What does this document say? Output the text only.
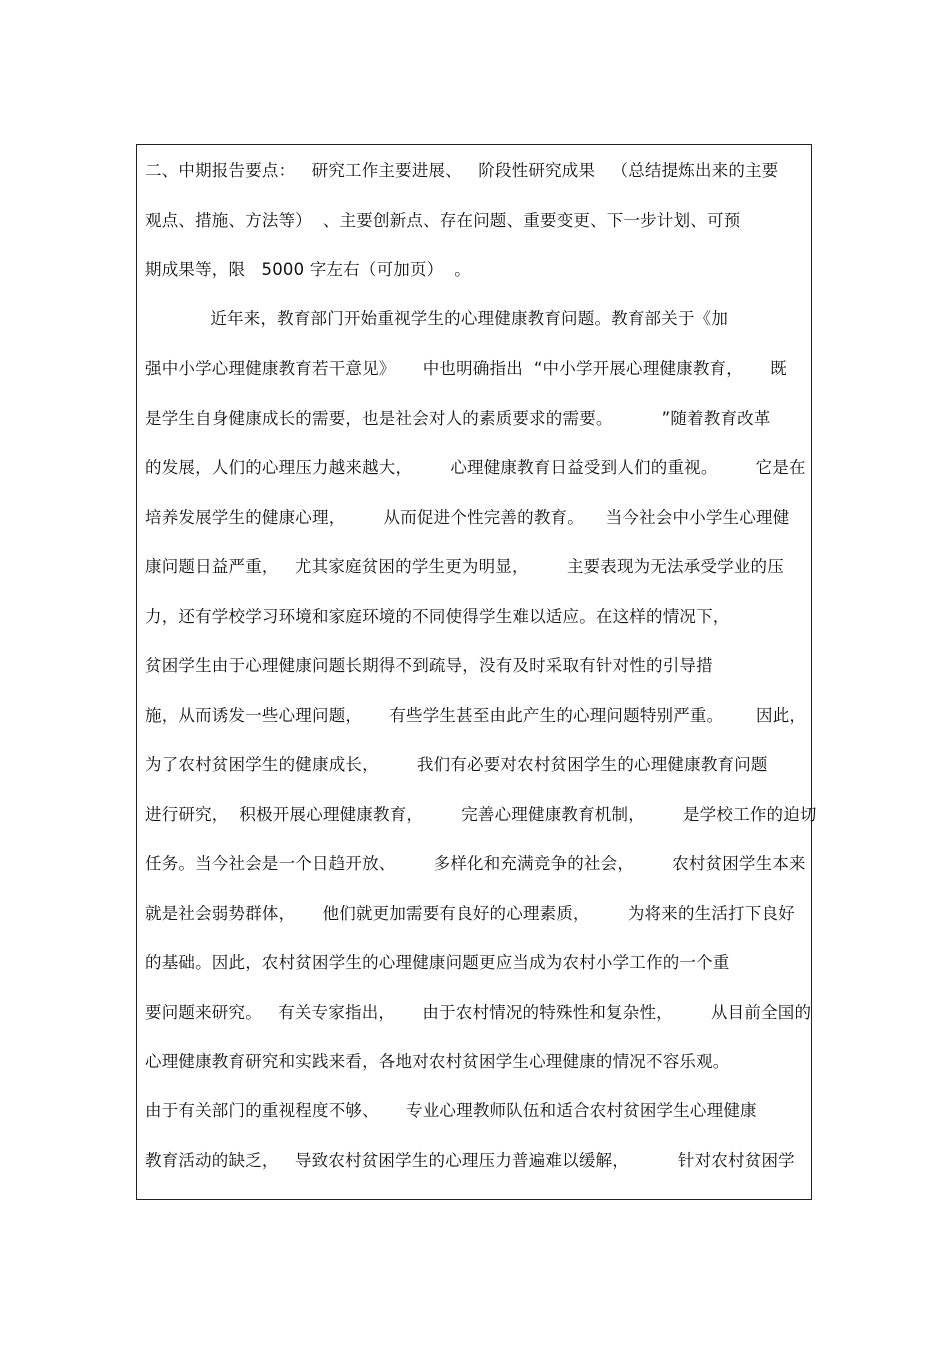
二、中期报告要点：   研究工作主要进展、   阶段性研究成果   （总结提炼出来的主要
观点、措施、方法等）  、主要创新点、存在问题、重要变更、下一步计划、可预
期成果等，限   5000 字左右（可加页）  。
近年来，教育部门开始重视学生的心理健康教育问题。教育部关于《加
强中小学心理健康教育若干意见》     中也明确指出  “中小学开展心理健康教育，     既
是学生自身健康成长的需要，也是社会对人的素质要求的需要。         ”随着教育改革
的发展，人们的心理压力越来越大，       心理健康教育日益受到人们的重视。       它是在
培养发展学生的健康心理，       从而促进个性完善的教育。    当今社会中小学生心理健
康问题日益严重，   尤其家庭贫困的学生更为明显，       主要表现为无法承受学业的压
力，还有学校学习环境和家庭环境的不同使得学生难以适应。在这样的情况下，
贫困学生由于心理健康问题长期得不到疏导，没有及时采取有针对性的引导措
施，从而诱发一些心理问题，     有些学生甚至由此产生的心理问题特别严重。      因此，
为了农村贫困学生的健康成长，       我们有必要对农村贫困学生的心理健康教育问题
进行研究，  积极开展心理健康教育，       完善心理健康教育机制，       是学校工作的迫切
任务。当今社会是一个日趋开放、       多样化和充满竞争的社会，       农村贫困学生本来
就是社会弱势群体，     他们就更加需要有良好的心理素质，       为将来的生活打下良好
的基础。因此，农村贫困学生的心理健康问题更应当成为农村小学工作的一个重
要问题来研究。   有关专家指出，     由于农村情况的特殊性和复杂性，       从目前全国的
心理健康教育研究和实践来看，各地对农村贫困学生心理健康的情况不容乐观。
由于有关部门的重视程度不够、     专业心理教师队伍和适合农村贫困学生心理健康
教育活动的缺乏，   导致农村贫困学生的心理压力普遍难以缓解，         针对农村贫困学
